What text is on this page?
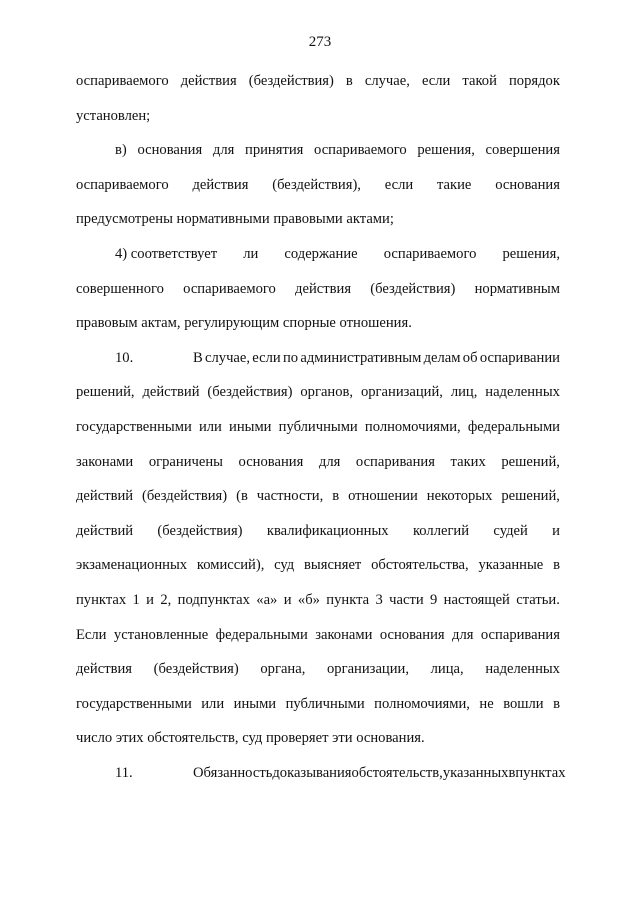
273
оспариваемого действия (бездействия) в случае, если такой порядок
установлен;
в) основания для принятия оспариваемого решения, совершения
оспариваемого действия (бездействия), если такие основания
предусмотрены нормативными правовыми актами;
4) соответствует ли содержание оспариваемого решения,
совершенного оспариваемого действия (бездействия) нормативным
правовым актам, регулирующим спорные отношения.
10.	В случае, если по административным делам об оспаривании
решений, действий (бездействия) органов, организаций, лиц, наделенных
государственными или иными публичными полномочиями, федеральными
законами ограничены основания для оспаривания таких решений,
действий (бездействия) (в частности, в отношении некоторых решений,
действий (бездействия) квалификационных коллегий судей и
экзаменационных комиссий), суд выясняет обстоятельства, указанные в
пунктах 1 и 2, подпунктах «а» и «б» пункта 3 части 9 настоящей статьи.
Если установленные федеральными законами основания для оспаривания
действия (бездействия) органа, организации, лица, наделенных
государственными или иными публичными полномочиями, не вошли в
число этих обстоятельств, суд проверяет эти основания.
11.	Обязанность доказывания обстоятельств, указанных в пунктах
